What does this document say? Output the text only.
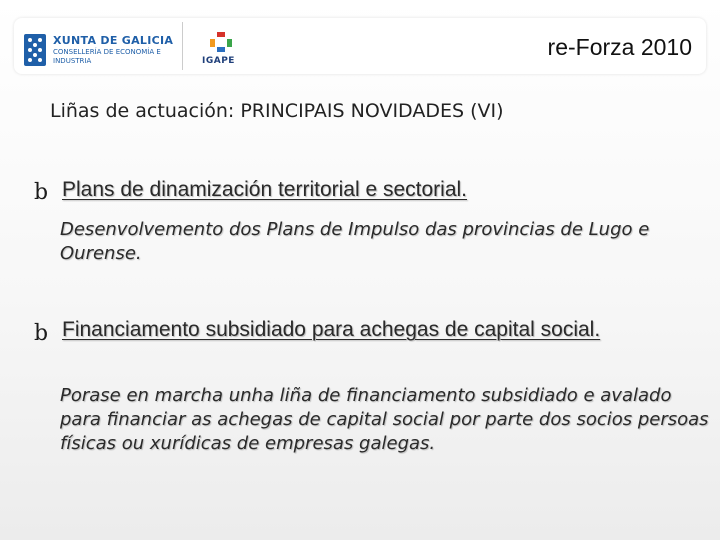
XUNTA DE GALICIA
CONSELLERÍA DE ECONOMÍA E INDUSTRIA	IGAPE
re-Forza 2010
Liñas de actuación: PRINCIPAIS NOVIDADES (VI)
b Plans de dinamización territorial e sectorial.
Desenvolvemento dos Plans de Impulso das provincias de Lugo e Ourense.
b Financiamento subsidiado para achegas de capital social.
Porase en marcha unha liña de financiamento subsidiado e avalado para financiar as achegas de capital social por parte dos socios persoas físicas ou xurídicas de empresas galegas.
